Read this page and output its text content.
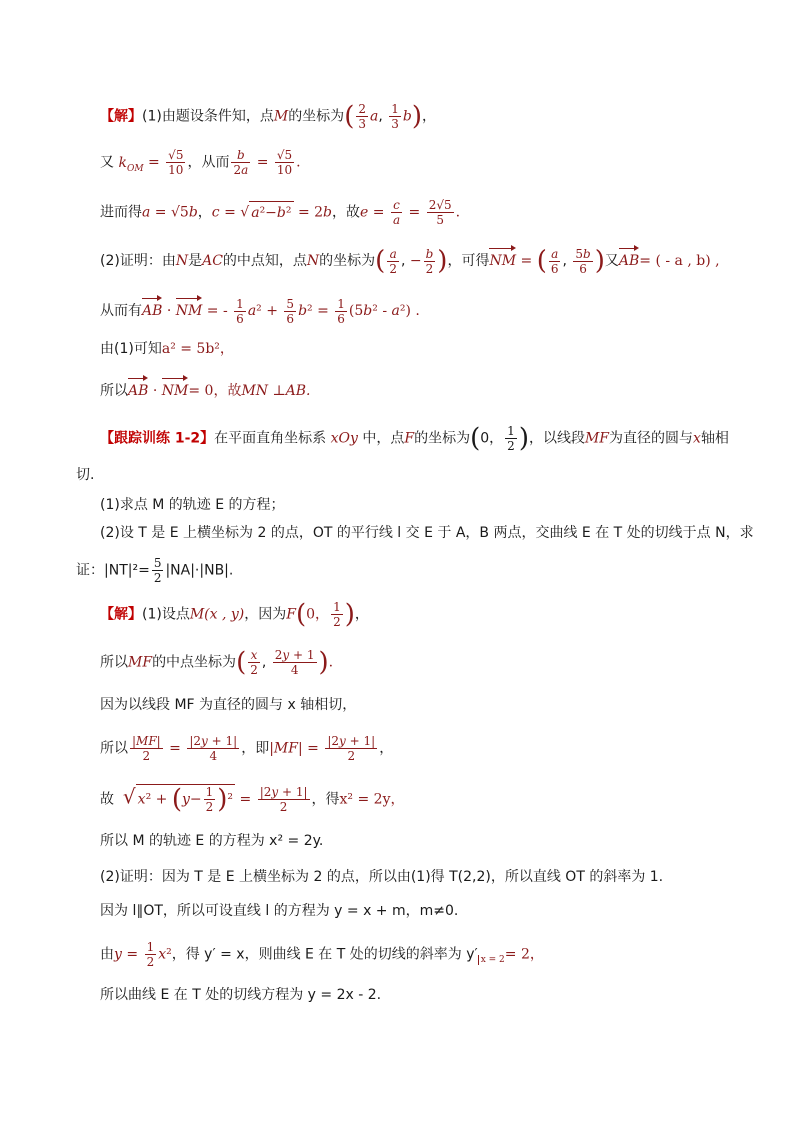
【解】(1)由题设条件知，点M的坐标为( $\frac{2}{3} a$, $\frac{1}{3} b$)，
又 $k_{OM} = \frac{√5}{10}$ ，从而 $\frac{b}{2a} = \frac{√5}{10}$ .
进而得a = √5b，c = √ a²−b² = 2b，故$e = \frac{c}{a} = \frac{2√5}{5}$ .
(2)证明：由N是AC的中点知，点N的坐标为( $\frac{a}{2}$ , − $\frac{b}{2}$ )，可得NM = ( $\frac{a}{6}$ , $\frac{5b}{6}$ )又AB= ( - a , b) ,
从而有AB · NM = - $\frac{1}{6} a^2 + \frac{5}{6} b^2 = \frac{1}{6} (5b^2 - a^2)$ .
由(1)可知a² = 5b²，
所以AB · NM= 0，故MN ⊥AB.
【跟踪训练 1-2】在平面直角坐标系 xOy 中，点F的坐标为(0， $\frac{1}{2}$ )，以线段MF为直径的圆与x轴相
切.
(1)求点 M 的轨迹 E 的方程；
(2)设 T 是 E 上横坐标为 2 的点，OT 的平行线 l 交 E 于 A，B 两点，交曲线 E 在 T 处的切线于点 N，求
证：$|NT|^2= \frac{5}{2} |NA|\cdot|NB|$.
【解】(1)设点M(x , y)，因为F(0， $\frac{1}{2}$ )，
所以MF的中点坐标为( $\frac{x}{2}$ , $\frac{2y + 1}{4}$ ).
因为以线段 MF 为直径的圆与 x 轴相切，
所以 $\frac{|MF|}{2} = \frac{|2y + 1|}{4}$ ，即$|MF| = \frac{|2y + 1|}{2}$ ，
故 √ $x^2 + (y- \frac{1}{2} )^2 = \frac{|2y + 1|}{2}$ ，得x² = 2y，
所以 M 的轨迹 E 的方程为 x² = 2y.
(2)证明：因为 T 是 E 上横坐标为 2 的点，所以由(1)得 T(2,2)，所以直线 OT 的斜率为 1.
因为 l∥OT，所以可设直线 l 的方程为 y = x + m，m≠0.
由$y = \frac{1}{2} x^2$，得 y′ = x，则曲线 E 在 T 处的切线的斜率为 y′ $_{x = 2}$= 2，
所以曲线 E 在 T 处的切线方程为 y = 2x - 2.
